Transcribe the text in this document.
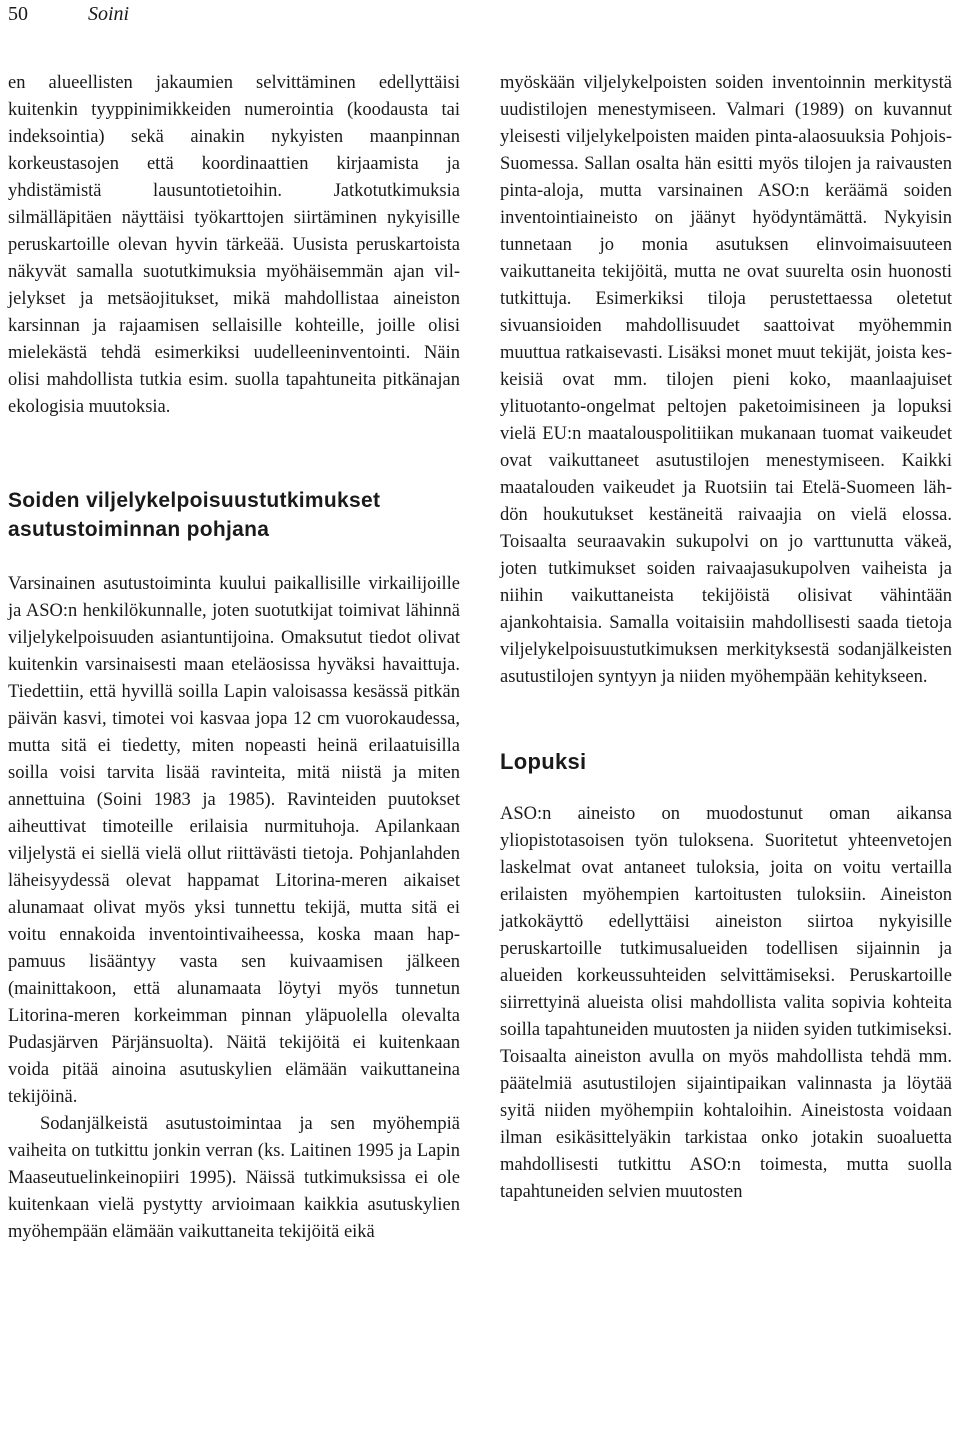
50	Soini

en alueellisten jakaumien selvittäminen edellyttäisi kuitenkin tyyppinimikkeiden numerointia (koodausta tai indeksointia) sekä ainakin nykyisten maanpinnan korkeustasojen että koordinaattien kirjaamista ja yhdistämistä lausuntotietoihin. Jatkotutkimuksia silmälläpitäen näyttäisi työkarttojen siirtäminen nykyisille peruskartoille olevan hyvin tärkeää. Uusista peruskartoista näkyvät samalla suotutkimuksia myöhäisemmän ajan viljelykset ja metsäojitukset, mikä mahdollistaa aineiston karsinnan ja rajaamisen sellaisille kohteille, joille olisi mielekästä tehdä esimerkiksi uudelleeninventointi. Näin olisi mahdollista tutkia esim. suolla tapahtuneita pitkänajan ekologisia muutoksia.

Soiden viljelykelpoisuustutkimukset asutustoiminnan pohjana

Varsinainen asutustoiminta kuului paikallisille virkailijoille ja ASO:n henkilökunnalle, joten suotutkijat toimivat lähinnä viljelykelpoisuuden asiantuntijoina. Omaksutut tiedot olivat kuitenkin varsinaisesti maan eteläosissa hyväksi havaittuja. Tiedettiin, että hyvillä soilla Lapin valoisassa kesässä pitkän päivän kasvi, timotei voi kasvaa jopa 12 cm vuorokaudessa, mutta sitä ei tiedetty, miten nopeasti heinä erilaatuisilla soilla voisi tarvita lisää ravinteita, mitä niistä ja miten annettuina (Soini 1983 ja 1985). Ravinteiden puutokset aiheuttivat timoteille erilaisia nurmituhoja. Apilankaan viljelystä ei siellä vielä ollut riittävästi tietoja. Pohjanlahden läheisyydessä olevat happamat Litorina-meren aikaiset alunamaat olivat myös yksi tunnettu tekijä, mutta sitä ei voitu ennakoida inventointivaiheessa, koska maan happamuus lisääntyy vasta sen kuivaamisen jälkeen (mainittakoon, että alunamaata löytyi myös tunnetun Litorina-meren korkeimman pinnan yläpuolella olevalta Pudasjärven Pärjänsuolta). Näitä tekijöitä ei kuitenkaan voida pitää ainoina asutuskylien elämään vaikuttaneina tekijöinä.

Sodanjälkeistä asutustoimintaa ja sen myöhempiä vaiheita on tutkittu jonkin verran (ks. Laitinen 1995 ja Lapin Maaseutuelinkeinopiiri 1995). Näissä tutkimuksissa ei ole kuitenkaan vielä pystytty arvioimaan kaikkia asutuskylien myöhempään elämään vaikuttaneita tekijöitä eikä

myöskään viljelykelpoisten soiden inventoinnin merkitystä uudistilojen menestymiseen. Valmari (1989) on kuvannut yleisesti viljelykelpoisten maiden pinta-alaosuuksia Pohjois-Suomessa. Sallan osalta hän esitti myös tilojen ja raivausten pinta-aloja, mutta varsinainen ASO:n keräämä soiden inventointiaineisto on jäänyt hyödyntämättä. Nykyisin tunnetaan jo monia asutuksen elinvoimaisuuteen vaikuttaneita tekijöitä, mutta ne ovat suurelta osin huonosti tutkittuja. Esimerkiksi tiloja perustettaessa oletetut sivuansioiden mahdollisuudet saattoivat myöhemmin muuttua ratkaisevasti. Lisäksi monet muut tekijät, joista keskeisiä ovat mm. tilojen pieni koko, maanlaajuiset ylituotanto-ongelmat peltojen paketoimisineen ja lopuksi vielä EU:n maatalouspolitiikan mukanaan tuomat vaikeudet ovat vaikuttaneet asutustilojen menestymiseen. Kaikki maatalouden vaikeudet ja Ruotsiin tai Etelä-Suomeen lähdön houkutukset kestäneitä raivaajia on vielä elossa. Toisaalta seuraavakin sukupolvi on jo varttunutta väkeä, joten tutkimukset soiden raivaajasukupolven vaiheista ja niihin vaikuttaneista tekijöistä olisivat vähintään ajankohtaisia. Samalla voitaisiin mahdollisesti saada tietoja viljelykelpoisuustutkimuksen merkityksestä sodanjälkeisten asutustilojen syntyyn ja niiden myöhempään kehitykseen.

Lopuksi

ASO:n aineisto on muodostunut oman aikansa yliopistotasoisen työn tuloksena. Suoritetut yhteenvetojen laskelmat ovat antaneet tuloksia, joita on voitu vertailla erilaisten myöhempien kartoitusten tuloksiin. Aineiston jatkokäyttö edellyttäisi aineiston siirtoa nykyisille peruskartoille tutkimusalueiden todellisen sijainnin ja alueiden korkeussuhteiden selvittämiseksi. Peruskartoille siirrettyinä alueista olisi mahdollista valita sopivia kohteita soilla tapahtuneiden muutosten ja niiden syiden tutkimiseksi. Toisaalta aineiston avulla on myös mahdollista tehdä mm. päätelmiä asutustilojen sijaintipaikan valinnasta ja löytää syitä niiden myöhempiin kohtaloihin. Aineistosta voidaan ilman esikäsittelyäkin tarkistaa onko jotakin suoaluetta mahdollisesti tutkittu ASO:n toimesta, mutta suolla tapahtuneiden selvien muutosten
